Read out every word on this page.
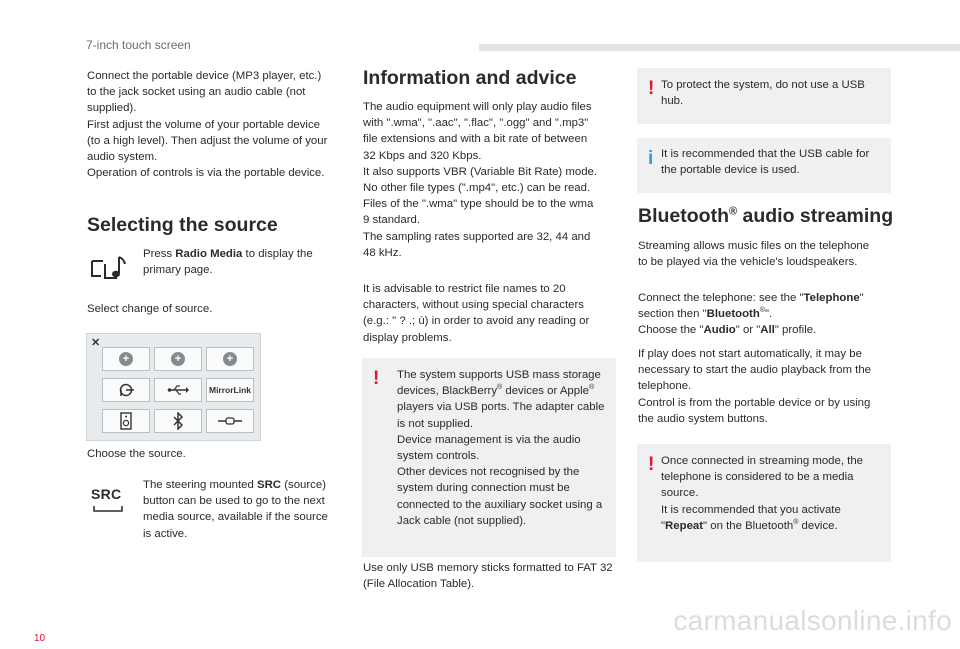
7-inch touch screen
Connect the portable device (MP3 player, etc.)
to the jack socket using an audio cable (not
supplied).
First adjust the volume of your portable device
(to a high level). Then adjust the volume of your
audio system.
Operation of controls is via the portable device.
Selecting the source
Press Radio Media to display the
primary page.
Select change of source.
✕
+	+	+
MirrorLink
Choose the source.
SRC
The steering mounted SRC (source)
button can be used to go to the next
media source, available if the source
is active.
Information and advice
The audio equipment will only play audio files
with ".wma", ".aac", ".flac", ".ogg" and ".mp3"
file extensions and with a bit rate of between
32 Kbps and 320 Kbps.
It also supports VBR (Variable Bit Rate) mode.
No other file types (".mp4", etc.) can be read.
Files of the ".wma" type should be to the wma
9 standard.
The sampling rates supported are 32, 44 and
48 kHz.
It is advisable to restrict file names to 20
characters, without using special characters
(e.g.: " ? .; ù) in order to avoid any reading or
display problems.
! The system supports USB mass storage
devices, BlackBerry® devices or Apple®
players via USB ports. The adapter cable
is not supplied.
Device management is via the audio
system controls.
Other devices not recognised by the
system during connection must be
connected to the auxiliary socket using a
Jack cable (not supplied).
Use only USB memory sticks formatted to FAT 32
(File Allocation Table).
! To protect the system, do not use a USB
hub.
i It is recommended that the USB cable for
the portable device is used.
Bluetooth® audio streaming
Streaming allows music files on the telephone
to be played via the vehicle's loudspeakers.
Connect the telephone: see the "Telephone"
section then "Bluetooth®".
Choose the "Audio" or "All" profile.
If play does not start automatically, it may be
necessary to start the audio playback from the
telephone.
Control is from the portable device or by using
the audio system buttons.
! Once connected in streaming mode, the
telephone is considered to be a media
source.
It is recommended that you activate
"Repeat" on the Bluetooth® device.
carmanualsonline.info
10
